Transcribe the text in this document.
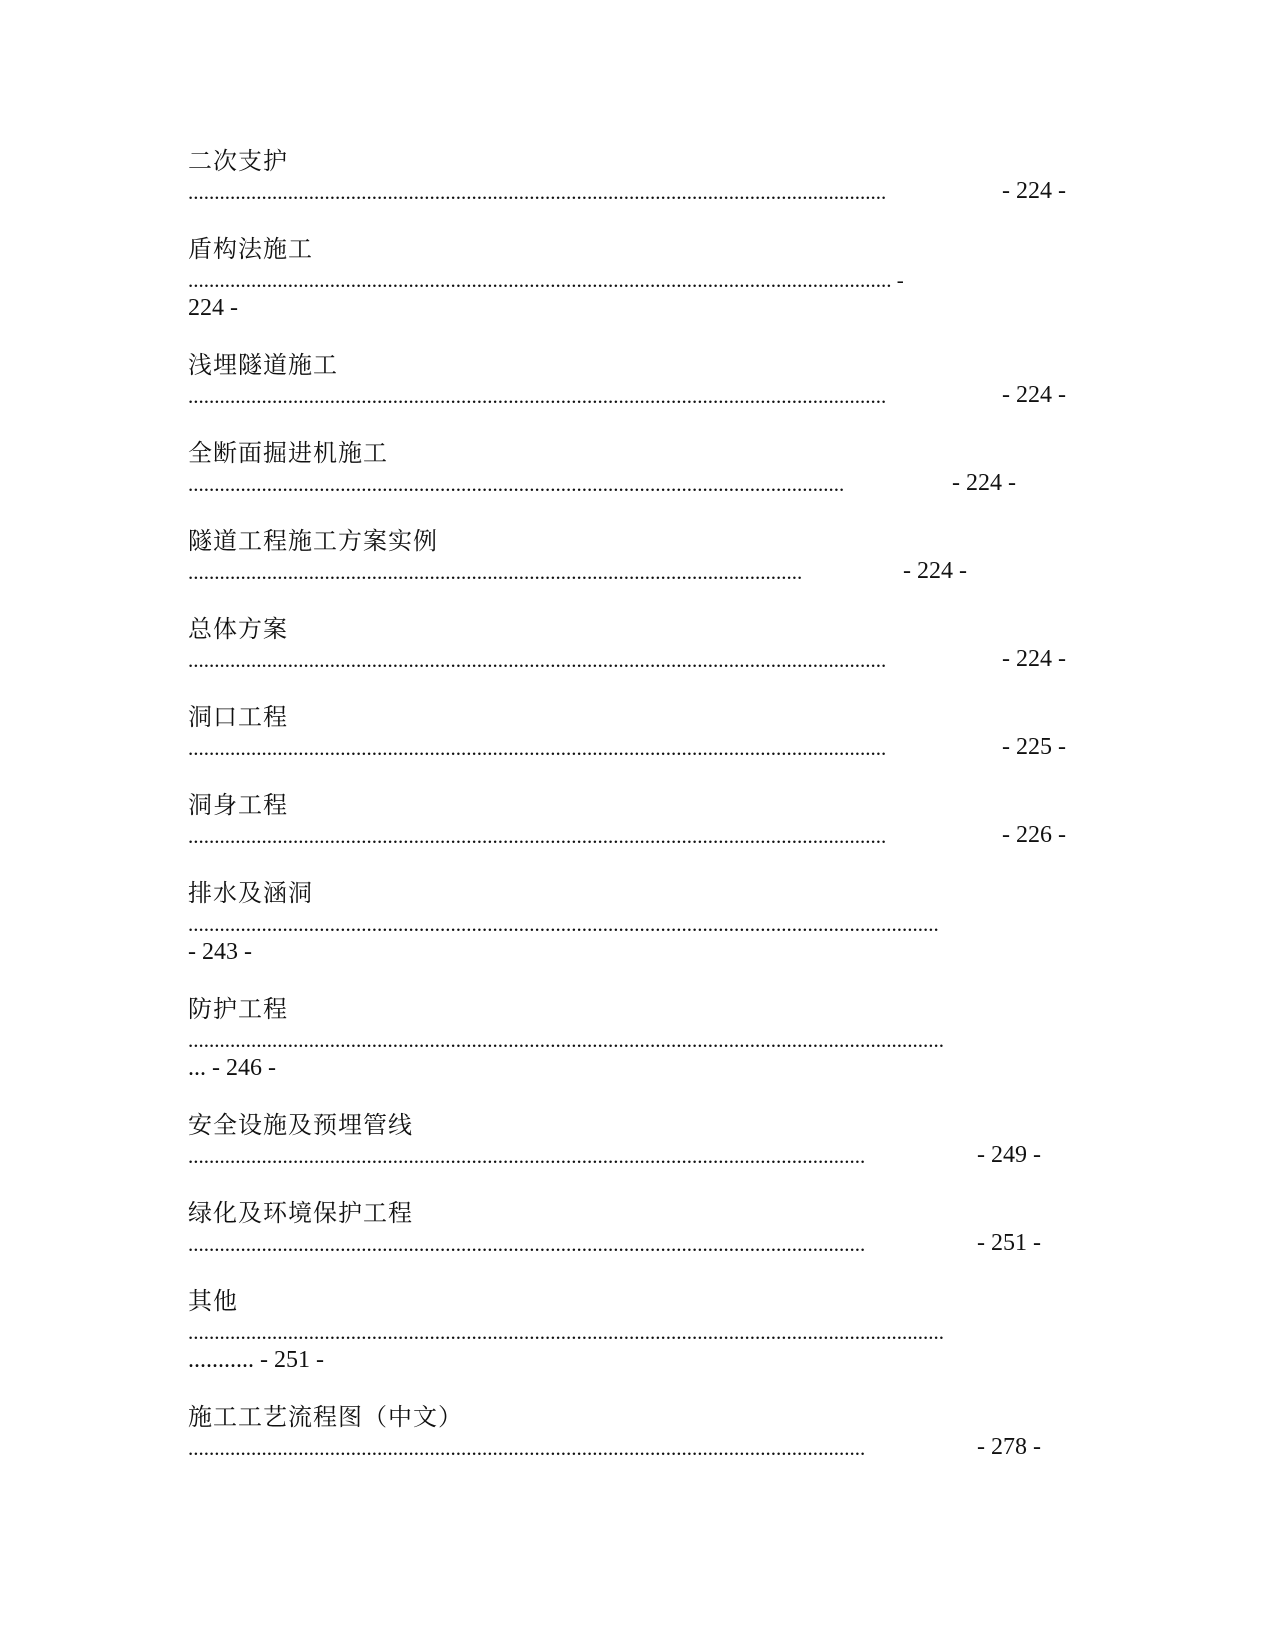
二次支护
.....................................................................................................................................	- 224 -
盾构法施工
...................................................................................................................................... -
224 -
浅埋隧道施工
.....................................................................................................................................	- 224 -
全断面掘进机施工
.............................................................................................................................	- 224 -
隧道工程施工方案实例
.....................................................................................................................	- 224 -
总体方案
.....................................................................................................................................	- 224 -
洞口工程
.....................................................................................................................................	- 225 -
洞身工程
.....................................................................................................................................	- 226 -
排水及涵洞
...............................................................................................................................................
- 243 -
防护工程
................................................................................................................................................
... - 246 -
安全设施及预埋管线
.................................................................................................................................	- 249 -
绿化及环境保护工程
.................................................................................................................................	- 251 -
其他
................................................................................................................................................
........... - 251 -
施工工艺流程图（中文）
.................................................................................................................................	- 278 -
